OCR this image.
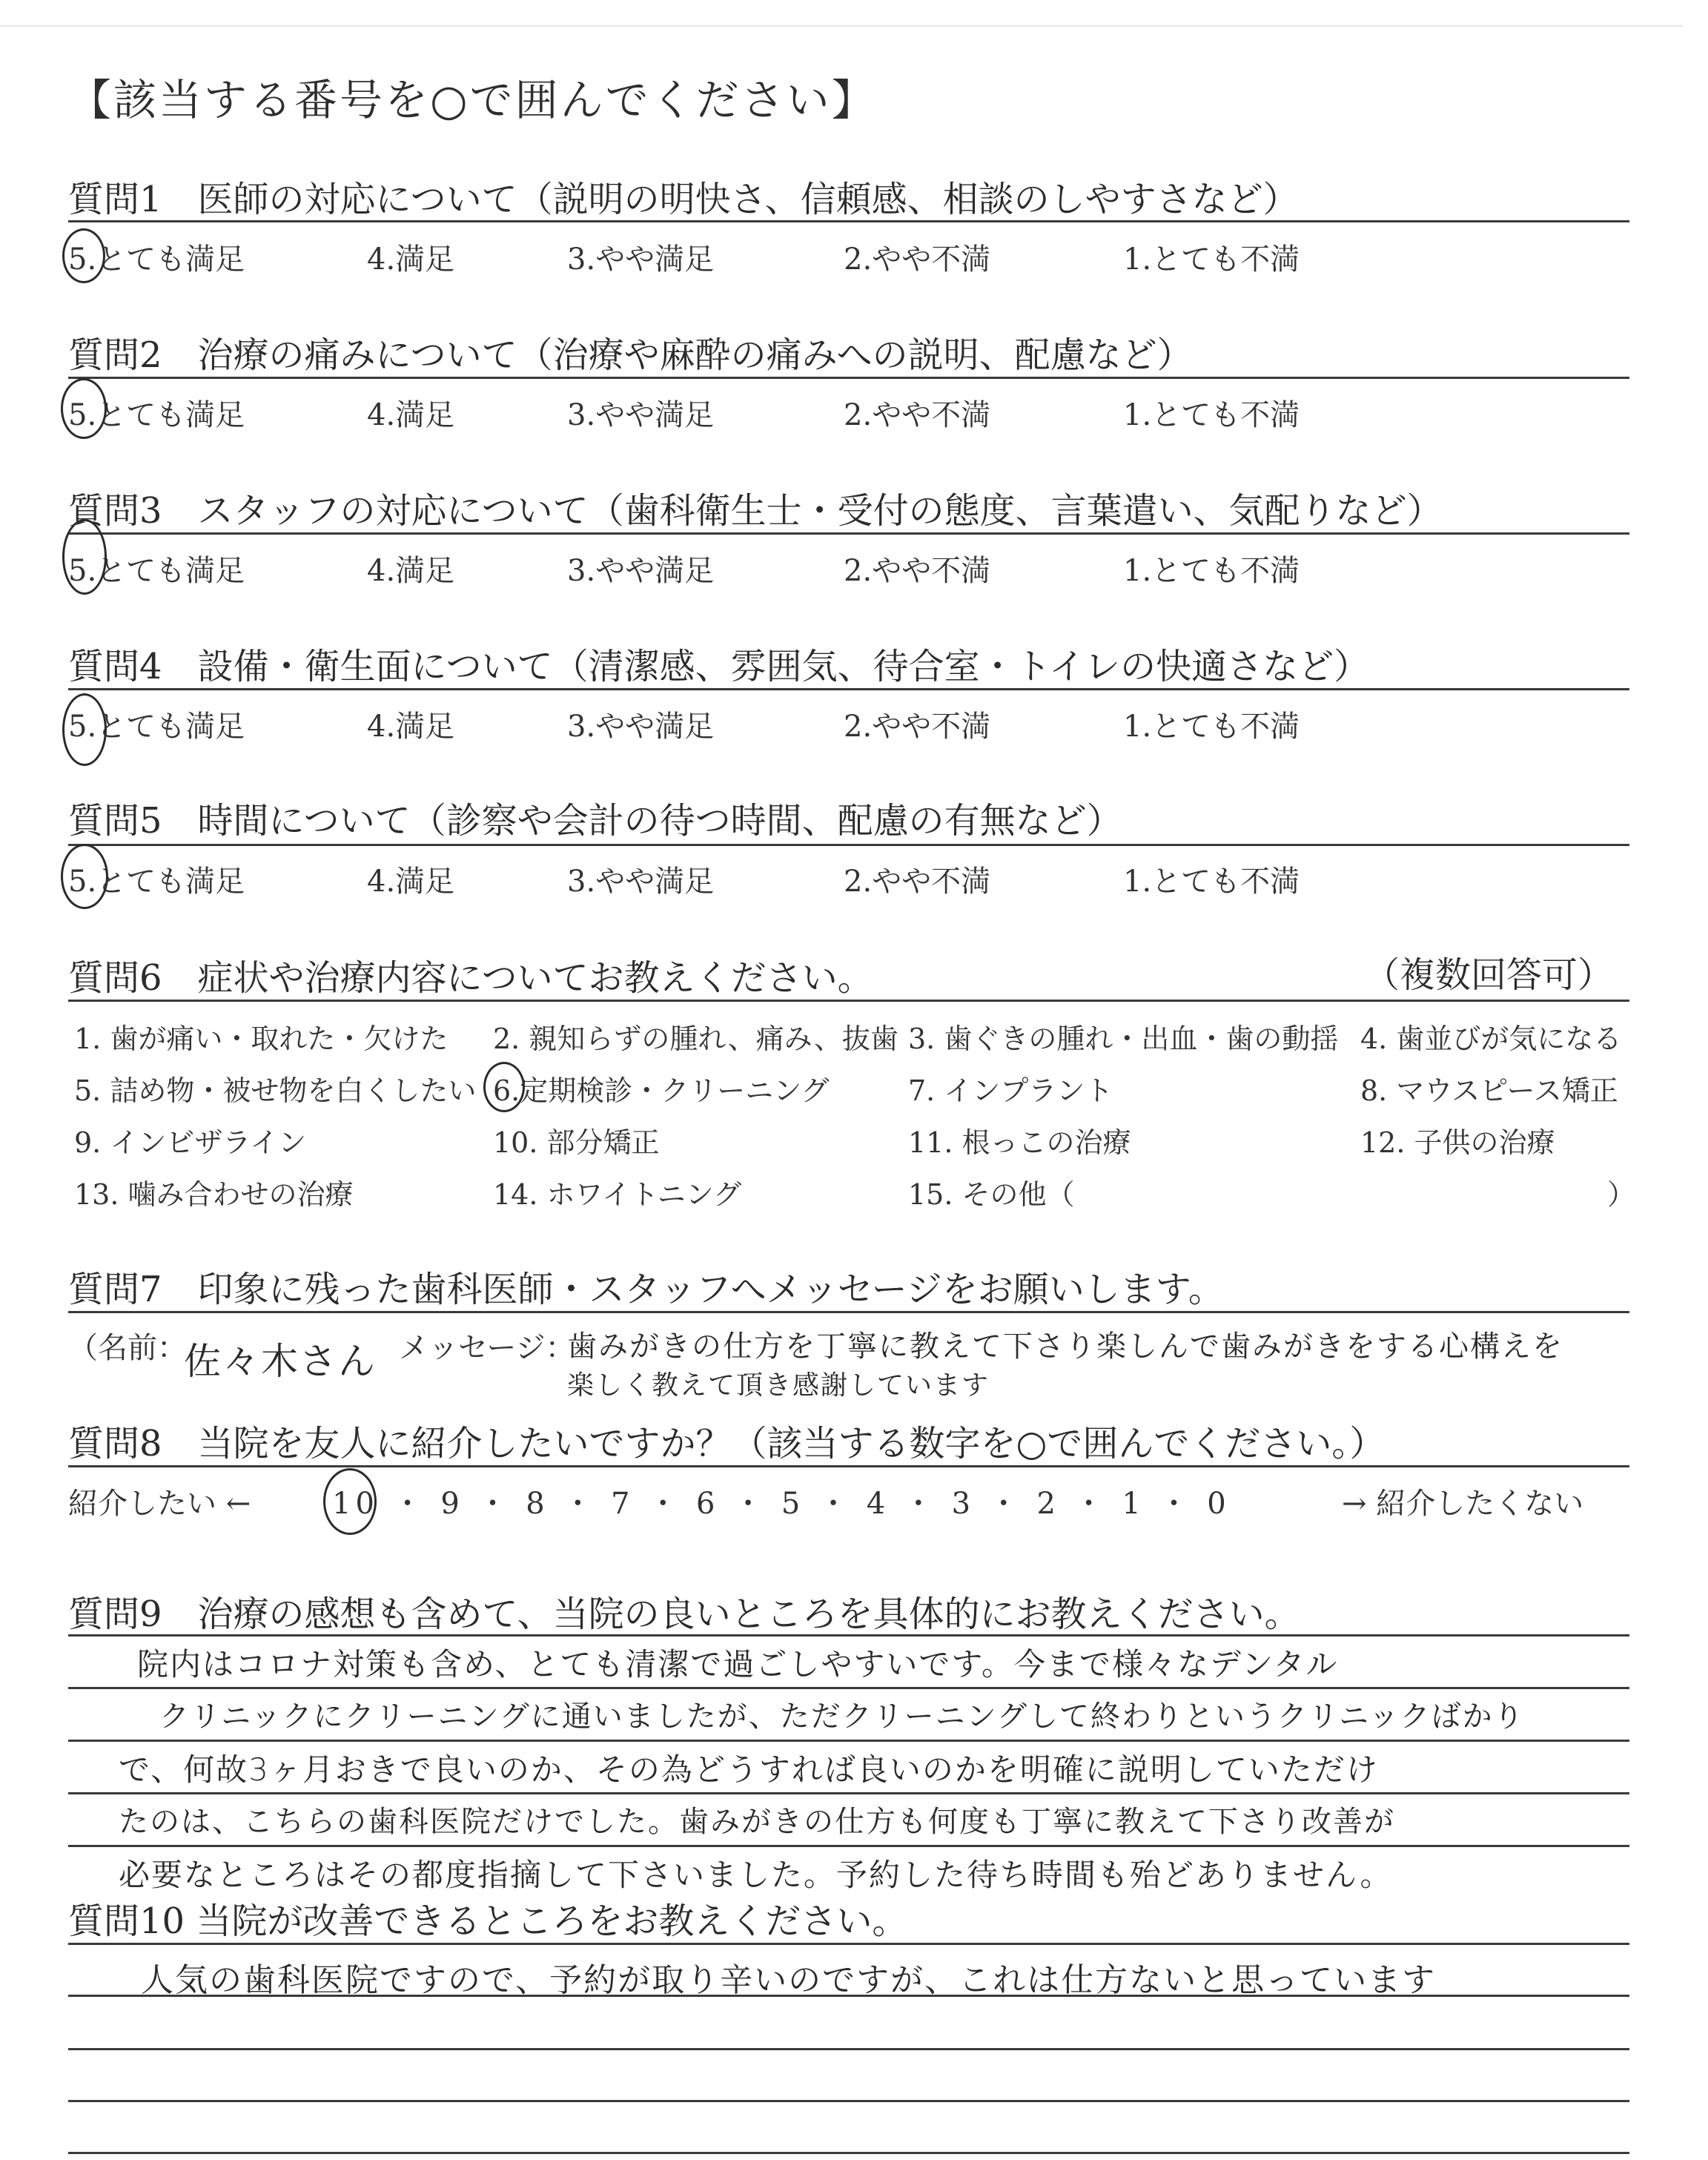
【該当する番号を○で囲んでください】
質問1　医師の対応について（説明の明快さ、信頼感、相談のしやすさなど）
5.とても満足	4.満足	3.やや満足	2.やや不満	1.とても不満
質問2　治療の痛みについて（治療や麻酔の痛みへの説明、配慮など）
5.とても満足	4.満足	3.やや満足	2.やや不満	1.とても不満
質問3　スタッフの対応について（歯科衛生士・受付の態度、言葉遣い、気配りなど）
5.とても満足	4.満足	3.やや満足	2.やや不満	1.とても不満
質問4　設備・衛生面について（清潔感、雰囲気、待合室・トイレの快適さなど）
5.とても満足	4.満足	3.やや満足	2.やや不満	1.とても不満
質問5　時間について（診察や会計の待つ時間、配慮の有無など）
5.とても満足	4.満足	3.やや満足	2.やや不満	1.とても不満
質問6　症状や治療内容についてお教えください。	（複数回答可）
1. 歯が痛い・取れた・欠けた 2. 親知らずの腫れ、痛み、抜歯 3. 歯ぐきの腫れ・出血・歯の動揺 4. 歯並びが気になる
5. 詰め物・被せ物を白くしたい 6.定期検診・クリーニング	7. インプラント	8. マウスピース矯正
9. インビザライン	10. 部分矯正	11. 根っこの治療	12. 子供の治療
13. 噛み合わせの治療	14. ホワイトニング	15. その他（	）
質問7　印象に残った歯科医師・スタッフへメッセージをお願いします。
（名前：
佐々木さん メッセージ：
歯みがきの仕方を丁寧に教えて下さり楽しんで歯みがきをする心構えを
楽しく教えて頂き感謝しています
質問8　当院を友人に紹介したいですか？（該当する数字を○で囲んでください。）
紹介したい ←	10 ・ 9 ・ 8 ・ 7 ・ 6 ・ 5 ・ 4 ・ 3 ・ 2 ・ 1 ・ 0	→ 紹介したくない
質問9　治療の感想も含めて、当院の良いところを具体的にお教えください。
院内はコロナ対策も含め、とても清潔で過ごしやすいです。今まで様々なデンタル
クリニックにクリーニングに通いましたが、ただクリーニングして終わりというクリニックばかり
で、何故3ヶ月おきで良いのか、その為どうすれば良いのかを明確に説明していただけ
たのは、こちらの歯科医院だけでした。歯みがきの仕方も何度も丁寧に教えて下さり改善が
必要なところはその都度指摘して下さいました。予約した待ち時間も殆どありません。
質問10 当院が改善できるところをお教えください。
人気の歯科医院ですので、予約が取り辛いのですが、これは仕方ないと思っています
